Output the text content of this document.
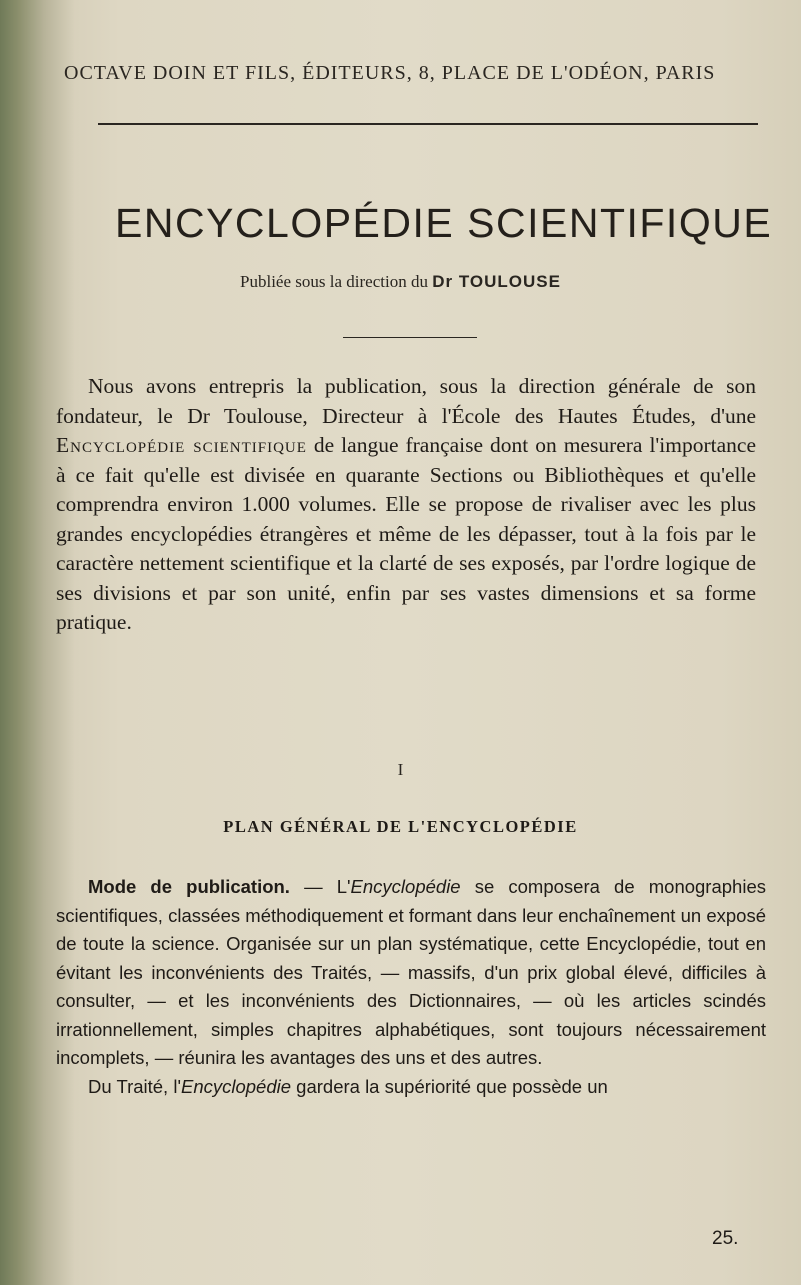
OCTAVE DOIN ET FILS, ÉDITEURS, 8, PLACE DE L'ODÉON, PARIS
ENCYCLOPÉDIE SCIENTIFIQUE
Publiée sous la direction du Dr TOULOUSE

Nous avons entrepris la publication, sous la direction générale de son fondateur, le Dr Toulouse, Directeur à l'École des Hautes Études, d'une Encyclopédie scientifique de langue française dont on mesurera l'importance à ce fait qu'elle est divisée en quarante Sections ou Bibliothèques et qu'elle comprendra environ 1.000 volumes. Elle se propose de rivaliser avec les plus grandes encyclopédies étrangères et même de les dépasser, tout à la fois par le caractère nettement scientifique et la clarté de ses exposés, par l'ordre logique de ses divisions et par son unité, enfin par ses vastes dimensions et sa forme pratique.

I
PLAN GÉNÉRAL DE L'ENCYCLOPÉDIE

Mode de publication. — L'Encyclopédie se composera de monographies scientifiques, classées méthodiquement et formant dans leur enchaînement un exposé de toute la science. Organisée sur un plan systématique, cette Encyclopédie, tout en évitant les inconvénients des Traités, — massifs, d'un prix global élevé, difficiles à consulter, — et les inconvénients des Dictionnaires, — où les articles scindés irrationnellement, simples chapitres alphabétiques, sont toujours nécessairement incomplets, — réunira les avantages des uns et des autres.

Du Traité, l'Encyclopédie gardera la supériorité que possède un

25.
